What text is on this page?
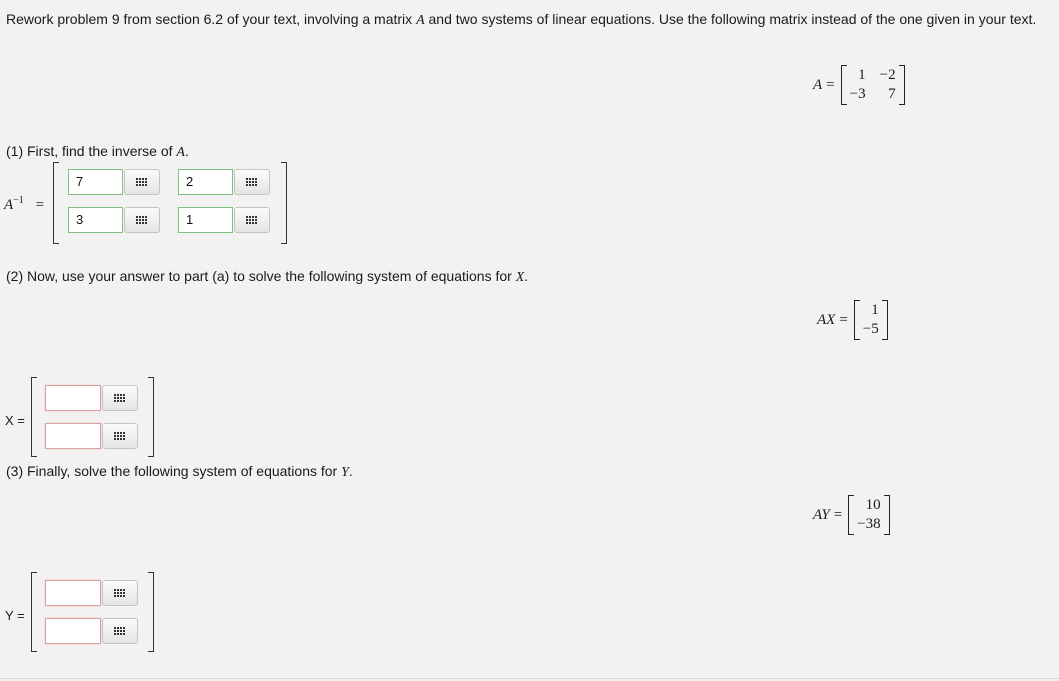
Rework problem 9 from section 6.2 of your text, involving a matrix A and two systems of linear equations. Use the following matrix instead of the one given in your text.
A =
1 −2
−3	7
(1) First, find the inverse of A.
$A^{-1}$ =
7	2
3	1
(2) Now, use your answer to part (a) to solve the following system of equations for X.
AX =
1
−5
X =
(3) Finally, solve the following system of equations for Y.
AY =
10
−38
Y =
